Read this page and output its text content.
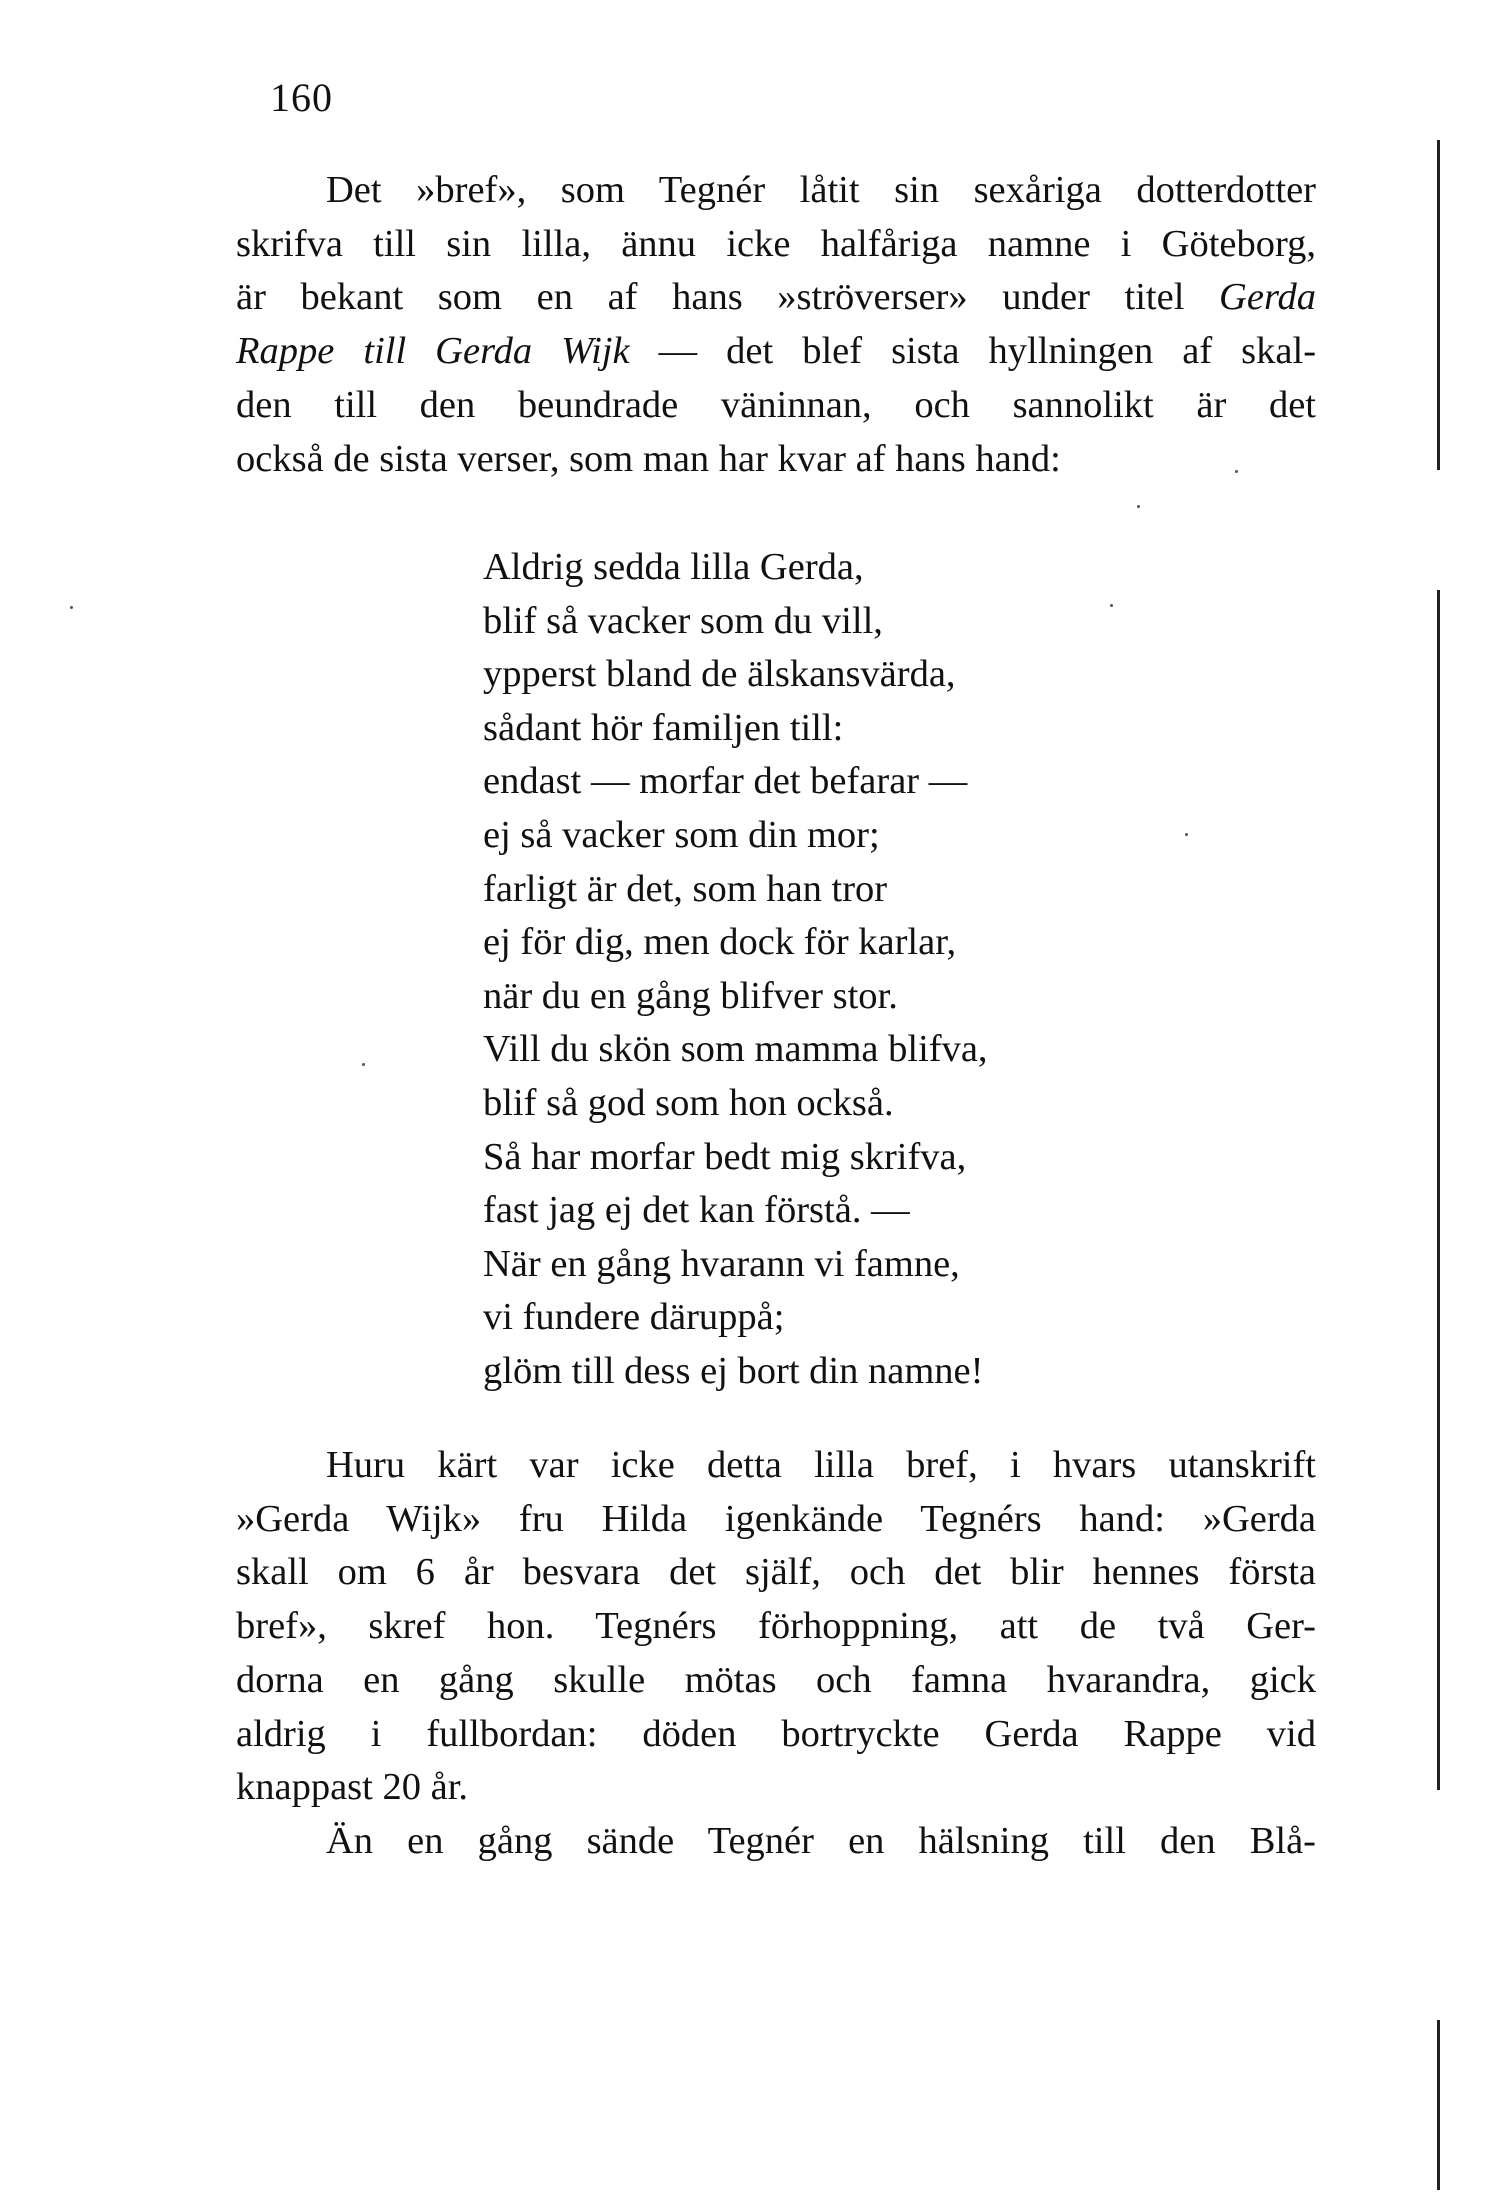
160
Det »bref», som Tegnér låtit sin sexåriga dotterdotter
skrifva till sin lilla, ännu icke halfåriga namne i Göteborg,
är bekant som en af hans »ströverser» under titel Gerda
Rappe till Gerda Wijk — det blef sista hyllningen af skal-
den till den beundrade väninnan, och sannolikt är det
också de sista verser, som man har kvar af hans hand:
Aldrig sedda lilla Gerda,
blif så vacker som du vill,
ypperst bland de älskansvärda,
sådant hör familjen till:
endast — morfar det befarar —
ej så vacker som din mor;
farligt är det, som han tror
ej för dig, men dock för karlar,
när du en gång blifver stor.
Vill du skön som mamma blifva,
blif så god som hon också.
Så har morfar bedt mig skrifva,
fast jag ej det kan förstå. —
När en gång hvarann vi famne,
vi fundere däruppå;
glöm till dess ej bort din namne!
Huru kärt var icke detta lilla bref, i hvars utanskrift
»Gerda Wijk» fru Hilda igenkände Tegnérs hand: »Gerda
skall om 6 år besvara det själf, och det blir hennes första
bref», skref hon. Tegnérs förhoppning, att de två Ger-
dorna en gång skulle mötas och famna hvarandra, gick
aldrig i fullbordan: döden bortryckte Gerda Rappe vid
knappast 20 år.
Än en gång sände Tegnér en hälsning till den Blå-
